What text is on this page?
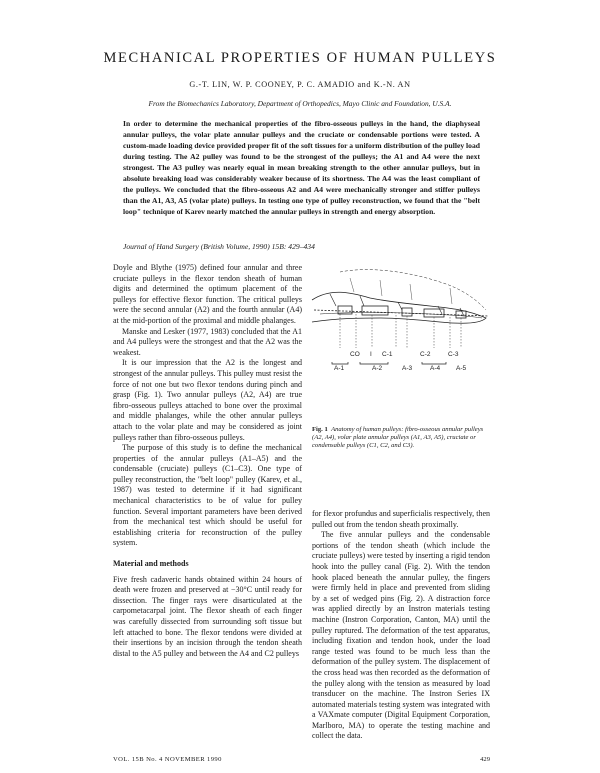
MECHANICAL PROPERTIES OF HUMAN PULLEYS
G.-T. LIN, W. P. COONEY, P. C. AMADIO and K.-N. AN
From the Biomechanics Laboratory, Department of Orthopedics, Mayo Clinic and Foundation, U.S.A.

In order to determine the mechanical properties of the fibro-osseous pulleys in the hand, the diaphyseal annular pulleys, the volar plate annular pulleys and the cruciate or condensable portions were tested. A custom-made loading device provided proper fit of the soft tissues for a uniform distribution of the pulley load during testing. The A2 pulley was found to be the strongest of the pulleys; the A1 and A4 were the next strongest. The A3 pulley was nearly equal in mean breaking strength to the other annular pulleys, but in absolute breaking load was considerably weaker because of its shortness. The A4 was the least compliant of the pulleys. We concluded that the fibro-osseous A2 and A4 were mechanically stronger and stiffer pulleys than the A1, A3, A5 (volar plate) pulleys. In testing one type of pulley reconstruction, we found that the "belt loop" technique of Karev nearly matched the annular pulleys in strength and energy absorption.

Journal of Hand Surgery (British Volume, 1990) 15B: 429–434

Doyle and Blythe (1975) defined four annular and three cruciate pulleys in the flexor tendon sheath of human digits and determined the optimum placement of the pulleys for effective flexor function. The critical pulleys were the second annular (A2) and the fourth annular (A4) at the mid-portion of the proximal and middle phalanges.

Manske and Lesker (1977, 1983) concluded that the A1 and A4 pulleys were the strongest and that the A2 was the weakest.

It is our impression that the A2 is the longest and strongest of the annular pulleys. This pulley must resist the force of not one but two flexor tendons during pinch and grasp (Fig. 1). Two annular pulleys (A2, A4) are true fibro-osseous pulleys attached to bone over the proximal and middle phalanges, while the other annular pulleys attach to the volar plate and may be considered as joint pulleys rather than fibro-osseous pulleys.

The purpose of this study is to define the mechanical properties of the annular pulleys (A1–A5) and the condensable (cruciate) pulleys (C1–C3). One type of pulley reconstruction, the "belt loop" pulley (Karev, et al., 1987) was tested to determine if it had significant mechanical characteristics to be of value for pulley function. Several important parameters have been derived from the mechanical test which should be useful for establishing criteria for reconstruction of the pulley system.

Material and methods

Five fresh cadaveric hands obtained within 24 hours of death were frozen and preserved at −30°C until ready for dissection. The finger rays were disarticulated at the carpometacarpal joint. The flexor sheath of each finger was carefully dissected from surrounding soft tissue but left attached to bone. The flexor tendons were divided at their insertions by an incision through the tendon sheath distal to the A5 pulley and between the A4 and C2 pulleys

CO I C-1	C-2	C-3
A-1	A-2	A-3	A-4 A-5
Fig. 1 Anatomy of human pulleys: fibro-osseous annular pulleys (A2, A4), volar plate annular pulleys (A1, A3, A5), cruciate or condensable pulleys (C1, C2, and C3).

for flexor profundus and superficialis respectively, then pulled out from the tendon sheath proximally.

The five annular pulleys and the condensable portions of the tendon sheath (which include the cruciate pulleys) were tested by inserting a rigid tendon hook into the pulley canal (Fig. 2). With the tendon hook placed beneath the annular pulley, the fingers were firmly held in place and prevented from sliding by a set of wedged pins (Fig. 2). A distraction force was applied directly by an Instron materials testing machine (Instron Corporation, Canton, MA) until the pulley ruptured. The deformation of the test apparatus, including fixation and tendon hook, under the load range tested was found to be much less than the deformation of the pulley system. The displacement of the cross head was then recorded as the deformation of the pulley along with the tension as measured by load transducer on the machine. The Instron Series IX automated materials testing system was integrated with a VAXmate computer (Digital Equipment Corporation, Marlboro, MA) to operate the testing machine and collect the data.

VOL. 15B No. 4 NOVEMBER 1990	429
